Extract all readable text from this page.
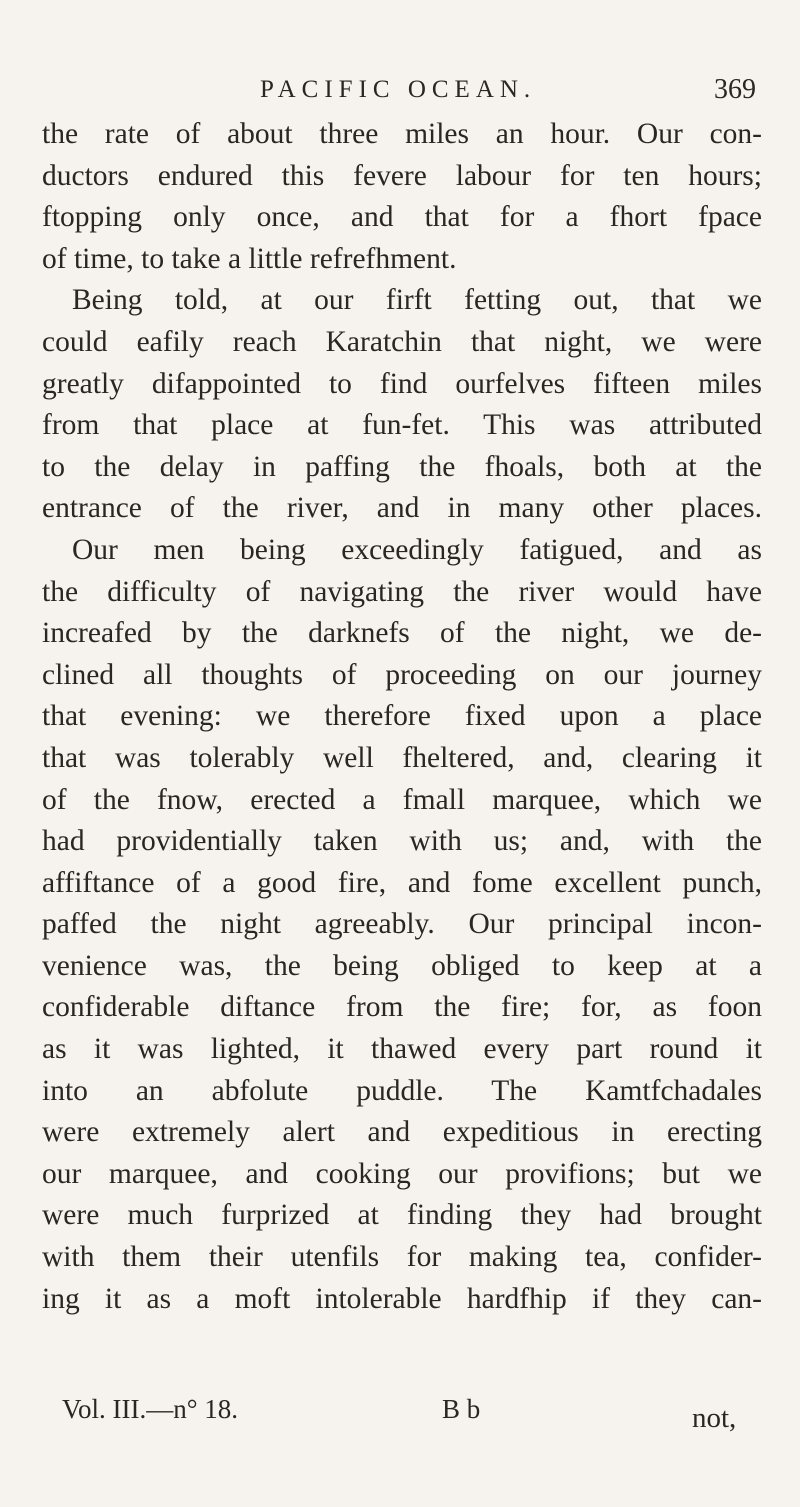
PACIFIC OCEAN.	369
the rate of about three miles an hour. Our con-
ductors endured this fevere labour for ten hours;
ftopping only once, and that for a fhort fpace
of time, to take a little refrefhment.
Being told, at our firft fetting out, that we
could eafily reach Karatchin that night, we were
greatly difappointed to find ourfelves fifteen miles
from that place at fun-fet. This was attributed
to the delay in paffing the fhoals, both at the
entrance of the river, and in many other places.
Our men being exceedingly fatigued, and as
the difficulty of navigating the river would have
increafed by the darknefs of the night, we de-
clined all thoughts of proceeding on our journey
that evening: we therefore fixed upon a place
that was tolerably well fheltered, and, clearing it
of the fnow, erected a fmall marquee, which we
had providentially taken with us; and, with the
affiftance of a good fire, and fome excellent punch,
paffed the night agreeably. Our principal incon-
venience was, the being obliged to keep at a
confiderable diftance from the fire; for, as foon
as it was lighted, it thawed every part round it
into an abfolute puddle. The Kamtfchadales
were extremely alert and expeditious in erecting
our marquee, and cooking our provifions; but we
were much furprized at finding they had brought
with them their utenfils for making tea, confider-
ing it as a moft intolerable hardfhip if they can-
Vol. III.—n° 18.	B b	not,
